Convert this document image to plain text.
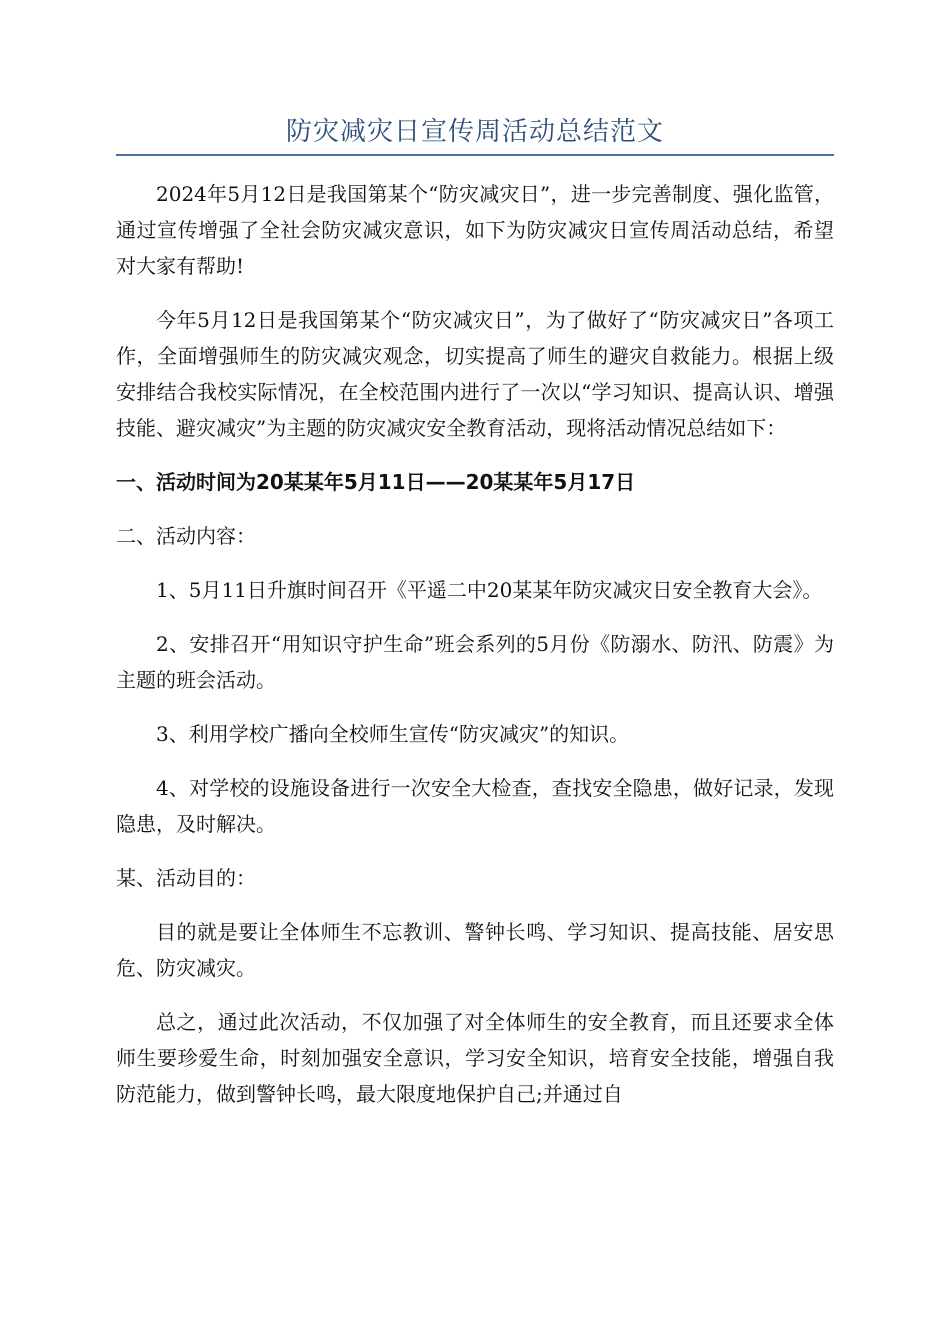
防灾减灾日宣传周活动总结范文

2024年5月12日是我国第某个“防灾减灾日”，进一步完善制度、强化监管，通过宣传增强了全社会防灾减灾意识，如下为防灾减灾日宣传周活动总结，希望对大家有帮助!

今年5月12日是我国第某个“防灾减灾日”，为了做好了“防灾减灾日”各项工作，全面增强师生的防灾减灾观念，切实提高了师生的避灾自救能力。根据上级安排结合我校实际情况，在全校范围内进行了一次以“学习知识、提高认识、增强技能、避灾减灾”为主题的防灾减灾安全教育活动，现将活动情况总结如下：

一、活动时间为20某某年5月11日——20某某年5月17日

二、活动内容：

1、5月11日升旗时间召开《平遥二中20某某年防灾减灾日安全教育大会》。

2、安排召开“用知识守护生命”班会系列的5月份《防溺水、防汛、防震》为主题的班会活动。

3、利用学校广播向全校师生宣传“防灾减灾”的知识。

4、对学校的设施设备进行一次安全大检查，查找安全隐患，做好记录，发现隐患，及时解决。

某、活动目的：

目的就是要让全体师生不忘教训、警钟长鸣、学习知识、提高技能、居安思危、防灾减灾。

总之，通过此次活动，不仅加强了对全体师生的安全教育，而且还要求全体师生要珍爱生命，时刻加强安全意识，学习安全知识，培育安全技能，增强自我防范能力，做到警钟长鸣，最大限度地保护自己;并通过自
